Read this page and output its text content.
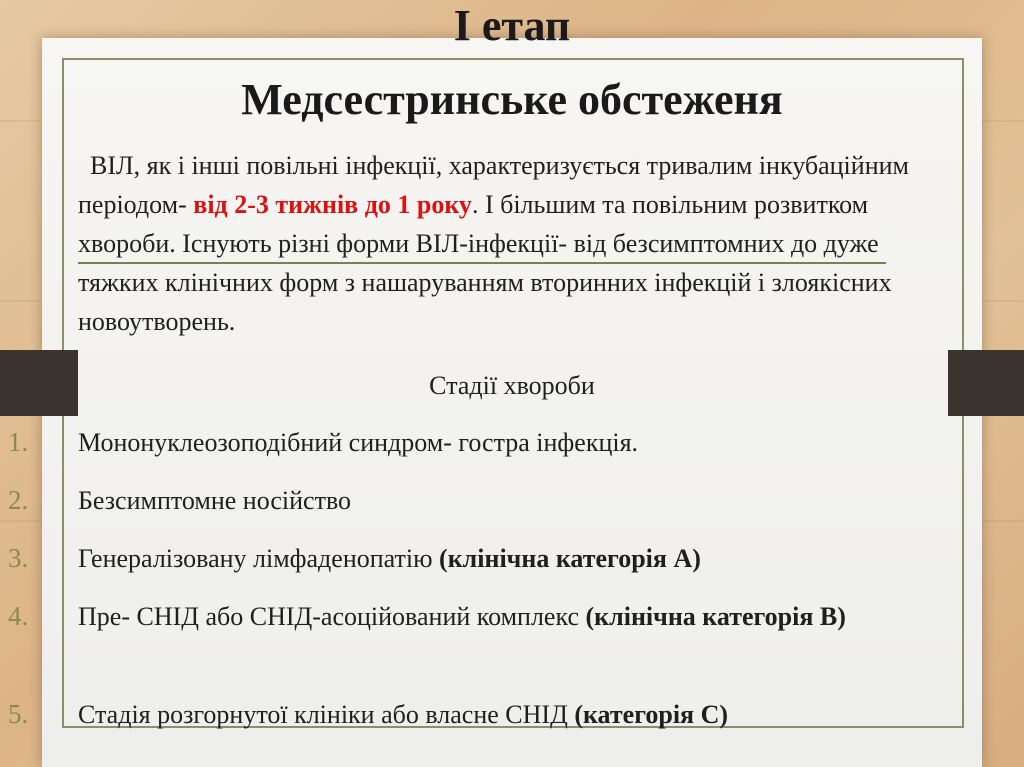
І етап
Медсестринське обстеженя
ВІЛ, як і інші повільні інфекції, характеризується тривалим інкубаційним періодом- від 2-3 тижнів до 1 року. І більшим та повільним розвитком хвороби. Існують різні форми ВІЛ-інфекції- від безсимптомних до дуже тяжких клінічних форм з нашаруванням вторинних інфекцій і злоякісних новоутворень.
Стадії хвороби
1. Мононуклеозоподібний синдром- гостра інфекція.
2. Безсимптомне носійство
3. Генералізовану лімфаденопатію (клінічна категорія А)
4. Пре- СНІД або СНІД-асоційований комплекс (клінічна категорія В)
5. Стадія розгорнутої клініки або власне СНІД (категорія С)
